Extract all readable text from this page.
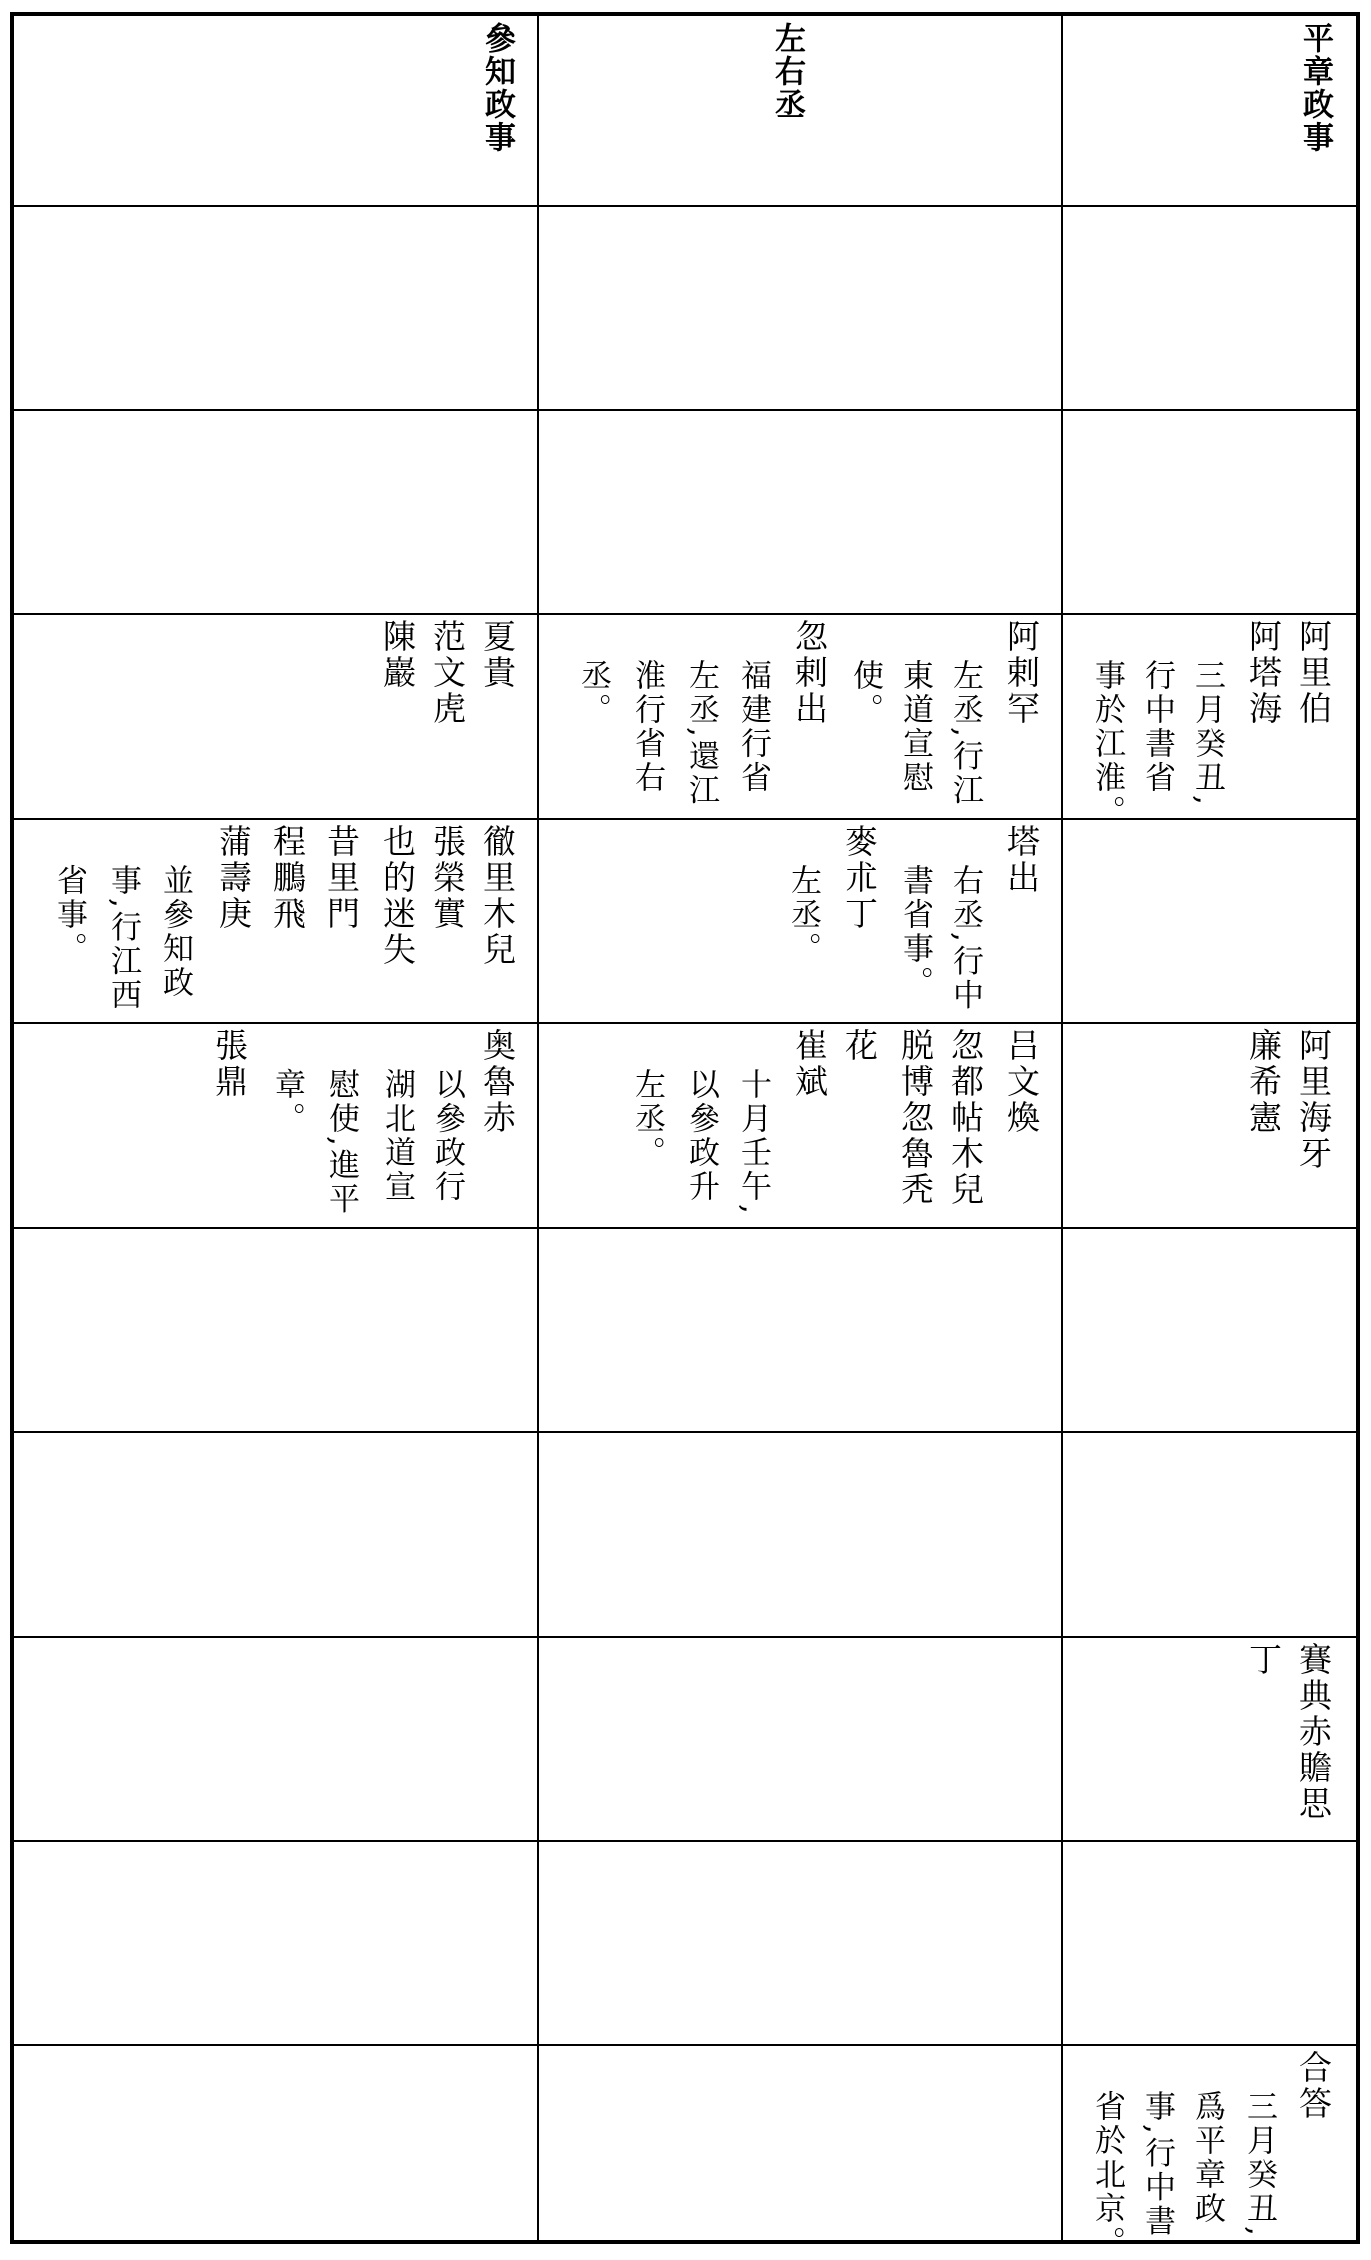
平章政事
左右丞
參知政事
阿里伯
阿塔海
三月癸丑,
行中書省
事於江淮。
阿剌罕
左丞,行江
東道宣慰
使。
忽剌出
福建行省
左丞,還江
淮行省右
丞。
夏貴
范文虎
陳巖
塔出
右丞,行中
書省事。
麥朮丁
左丞。
徹里木兒
張榮實
也的迷失
昔里門
程鵬飛
蒲壽庚
並參知政
事,行江西
省事。
阿里海牙
廉希憲
吕文煥
忽都帖木兒
脱博忽魯秃
花
崔斌
十月壬午,
以參政升
左丞。
奥魯赤
以參政行
湖北道宣
慰使,進平
章。
張鼎
賽典赤贍思
丁
合答
三月癸丑,
爲平章政
事,行中書
省於北京。
